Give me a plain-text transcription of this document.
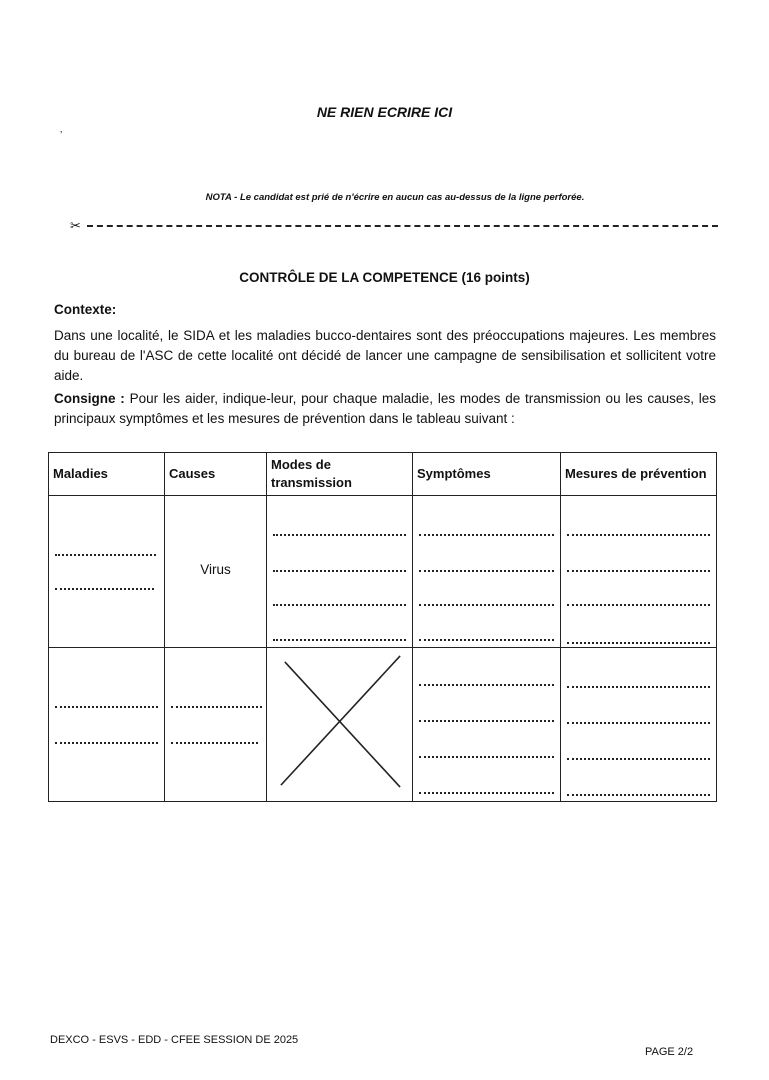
NE RIEN ECRIRE ICI
’
NOTA - Le candidat est prié de n'écrire en aucun cas au-dessus de la ligne perforée.
✂
CONTRÔLE DE LA COMPETENCE (16 points)
Contexte:
Dans une localité, le SIDA et les maladies bucco-dentaires sont des préoccupations majeures. Les membres du bureau de l'ASC de cette localité ont décidé de lancer une campagne de sensibilisation et sollicitent votre aide.
Consigne : Pour les aider, indique-leur, pour chaque maladie, les modes de transmission ou les causes, les principaux symptômes et les mesures de prévention dans le tableau suivant :
Maladies	Causes	Modes de transmission	Symptômes	Mesures de prévention

	Virus			

DEXCO - ESVS - EDD - CFEE SESSION DE 2025
PAGE 2/2
